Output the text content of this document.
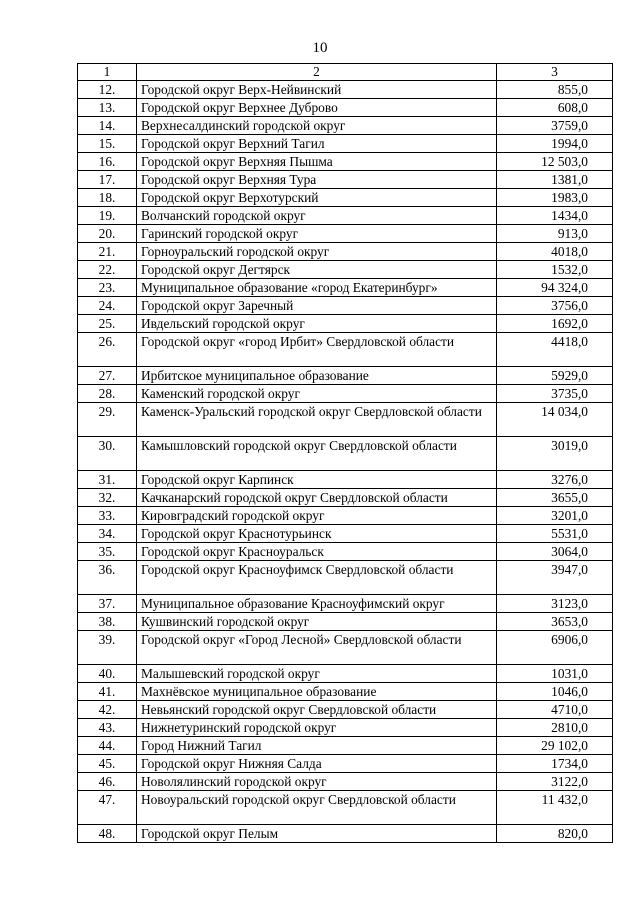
10
1	2	3
12.	Городской округ Верх-Нейвинский	855,0
13.	Городской округ Верхнее Дуброво	608,0
14.	Верхнесалдинский городской округ	3759,0
15.	Городской округ Верхний Тагил	1994,0
16.	Городской округ Верхняя Пышма	12 503,0
17.	Городской округ Верхняя Тура	1381,0
18.	Городской округ Верхотурский	1983,0
19.	Волчанский городской округ	1434,0
20.	Гаринский городской округ	913,0
21.	Горноуральский городской округ	4018,0
22.	Городской округ Дегтярск	1532,0
23.	Муниципальное образование «город Екатеринбург»	94 324,0
24.	Городской округ Заречный	3756,0
25.	Ивдельский городской округ	1692,0
26.	Городской округ «город Ирбит» Свердловской области	4418,0
27.	Ирбитское муниципальное образование	5929,0
28.	Каменский городской округ	3735,0
29.	Каменск-Уральский городской округ Свердловской области	14 034,0
30.	Камышловский городской округ Свердловской области	3019,0
31.	Городской округ Карпинск	3276,0
32.	Качканарский городской округ Свердловской области	3655,0
33.	Кировградский городской округ	3201,0
34.	Городской округ Краснотурьинск	5531,0
35.	Городской округ Красноуральск	3064,0
36.	Городской округ Красноуфимск Свердловской области	3947,0
37.	Муниципальное образование Красноуфимский округ	3123,0
38.	Кушвинский городской округ	3653,0
39.	Городской округ «Город Лесной» Свердловской области	6906,0
40.	Малышевский городской округ	1031,0
41.	Махнёвское муниципальное образование	1046,0
42.	Невьянский городской округ Свердловской области	4710,0
43.	Нижнетуринский городской округ	2810,0
44.	Город Нижний Тагил	29 102,0
45.	Городской округ Нижняя Салда	1734,0
46.	Новолялинский городской округ	3122,0
47.	Новоуральский городской округ Свердловской области	11 432,0
48.	Городской округ Пелым	820,0
